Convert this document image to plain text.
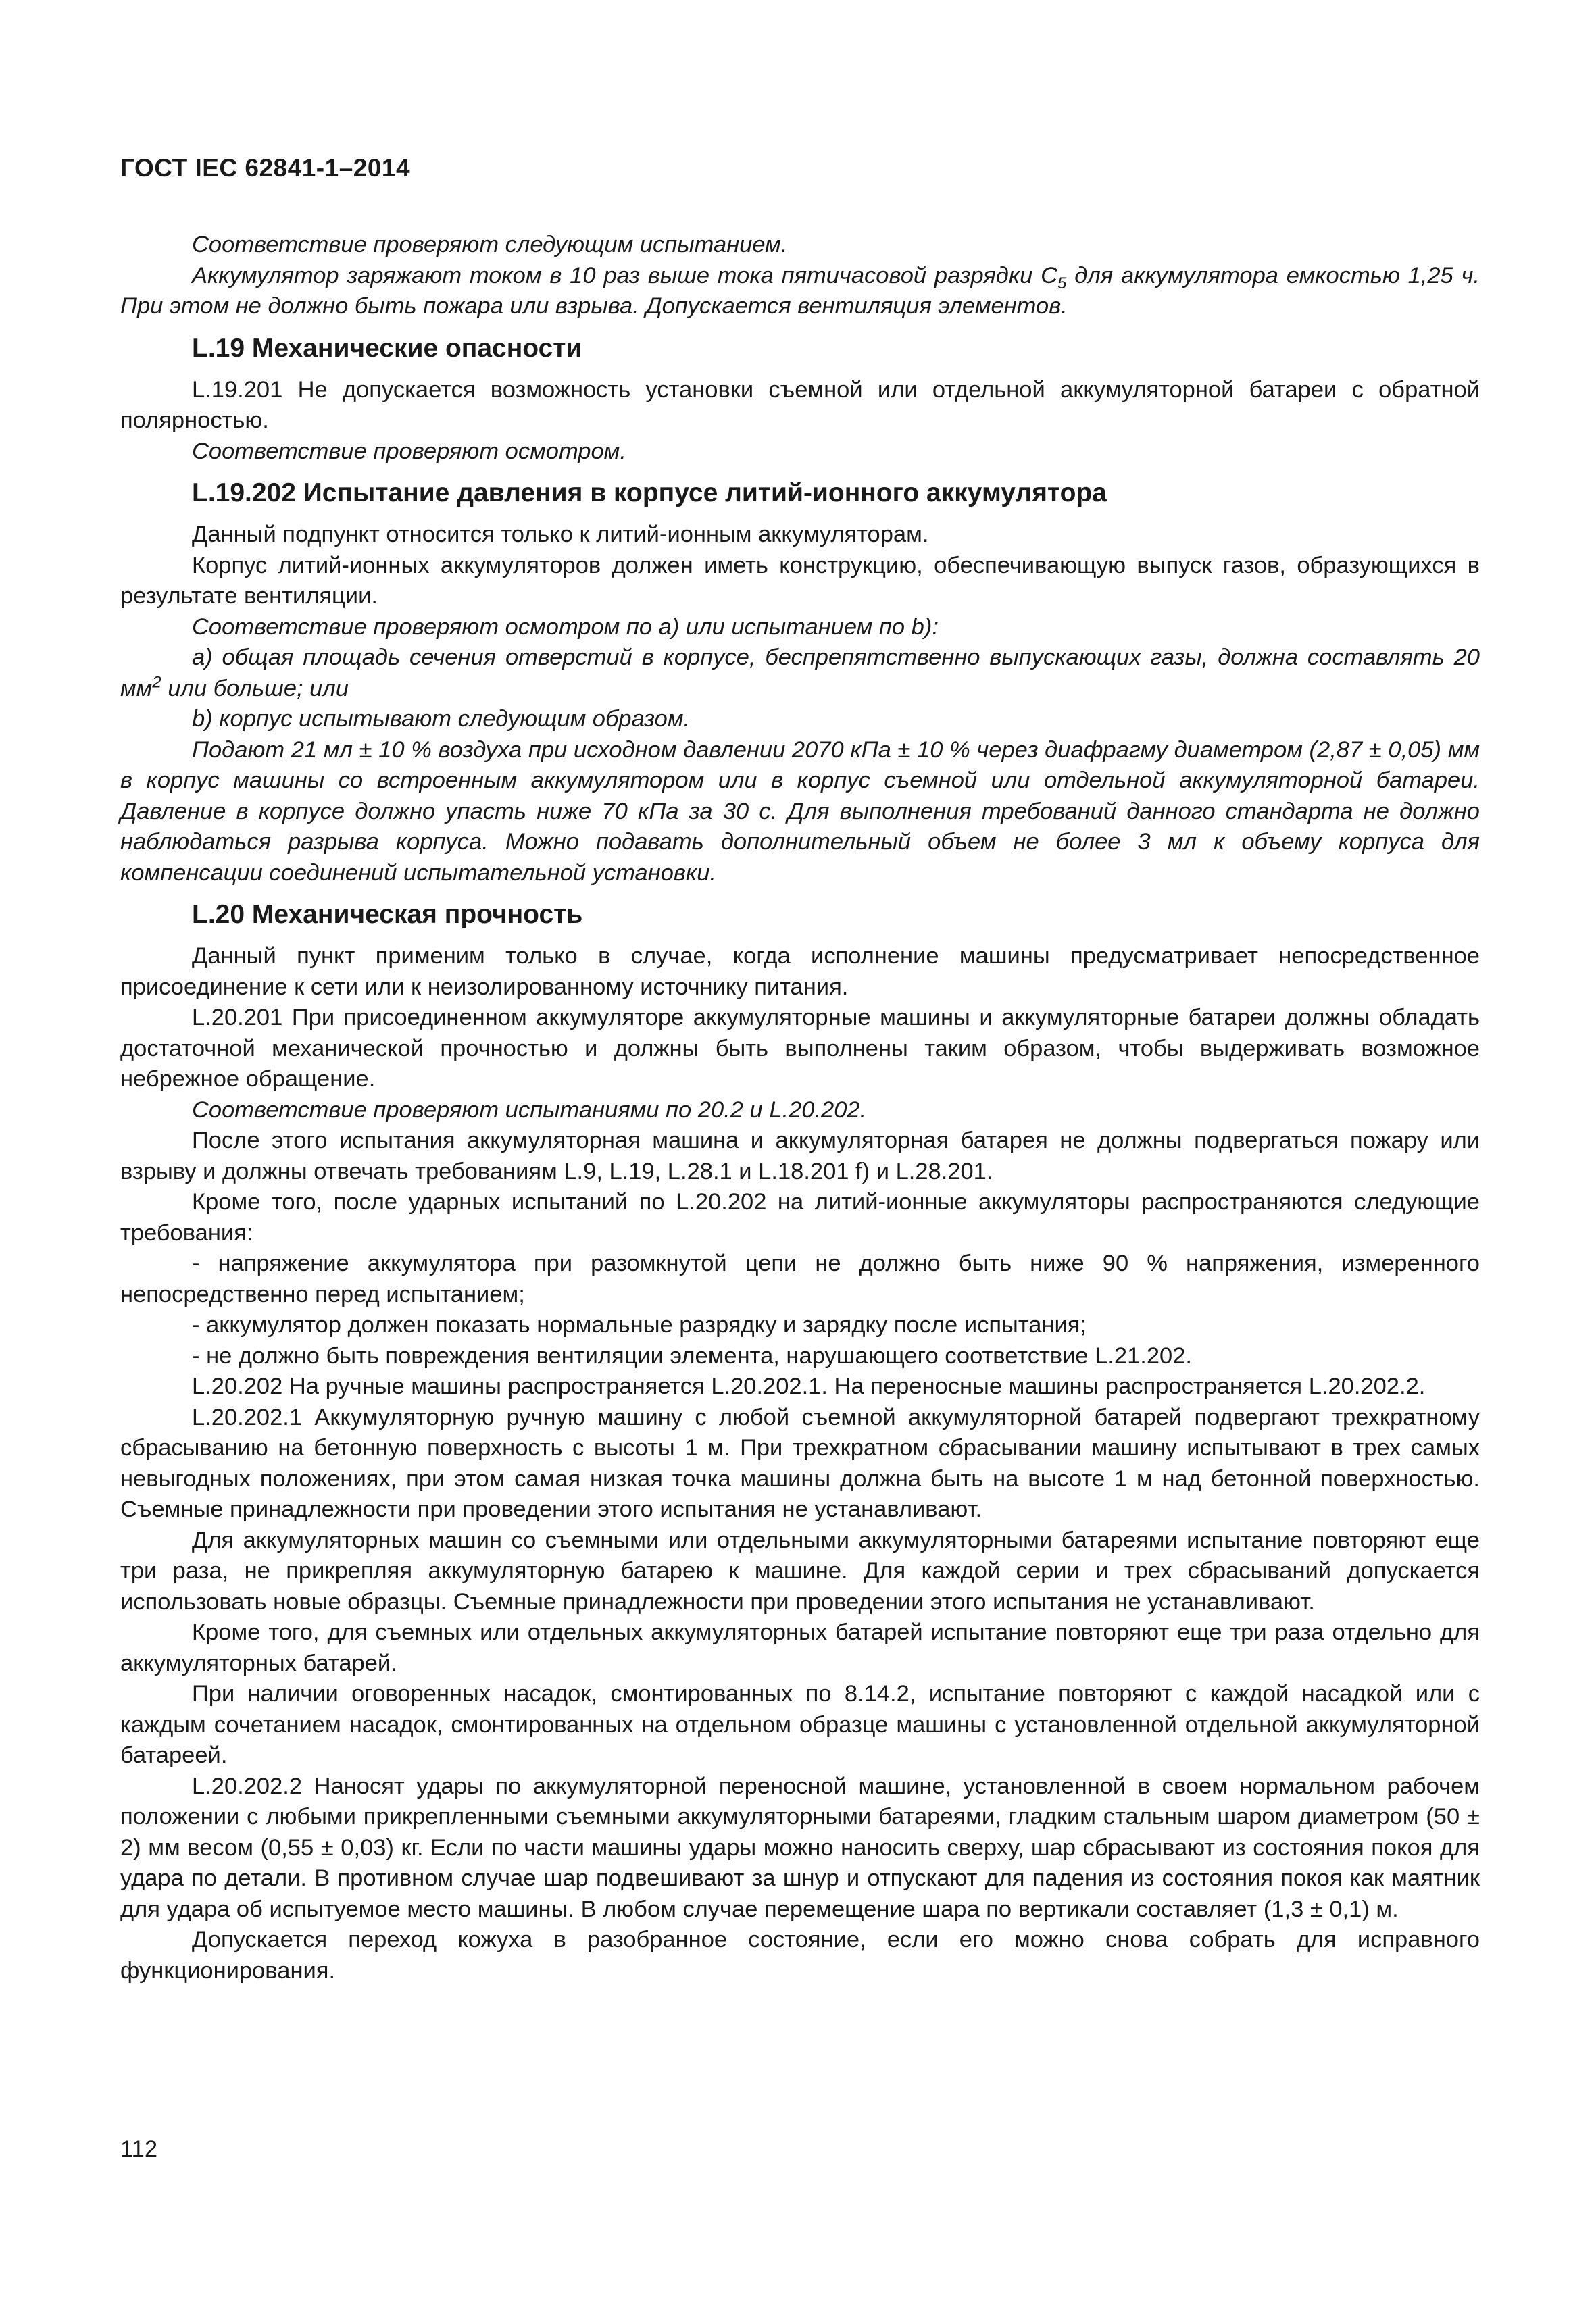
ГОСТ IEC 62841-1–2014

Соответствие проверяют следующим испытанием.

Аккумулятор заряжают током в 10 раз выше тока пятичасовой разрядки $С_5$ для аккумулятора емкостью 1,25 ч. При этом не должно быть пожара или взрыва. Допускается вентиляция элементов.

L.19 Механические опасности

L.19.201 Не допускается возможность установки съемной или отдельной аккумуляторной батареи с обратной полярностью.

Соответствие проверяют осмотром.

L.19.202 Испытание давления в корпусе литий-ионного аккумулятора

Данный подпункт относится только к литий-ионным аккумуляторам.

Корпус литий-ионных аккумуляторов должен иметь конструкцию, обеспечивающую выпуск газов, образующихся в результате вентиляции.

Соответствие проверяют осмотром по а) или испытанием по b):

а) общая площадь сечения отверстий в корпусе, беспрепятственно выпускающих газы, должна составлять 20 $мм^2$ или больше; или

b) корпус испытывают следующим образом.

Подают 21 мл ± 10 % воздуха при исходном давлении 2070 кПа ± 10 % через диафрагму диаметром (2,87 ± 0,05) мм в корпус машины со встроенным аккумулятором или в корпус съемной или отдельной аккумуляторной батареи. Давление в корпусе должно упасть ниже 70 кПа за 30 с. Для выполнения требований данного стандарта не должно наблюдаться разрыва корпуса. Можно подавать дополнительный объем не более 3 мл к объему корпуса для компенсации соединений испытательной установки.

L.20 Механическая прочность

Данный пункт применим только в случае, когда исполнение машины предусматривает непосредственное присоединение к сети или к неизолированному источнику питания.

L.20.201 При присоединенном аккумуляторе аккумуляторные машины и аккумуляторные батареи должны обладать достаточной механической прочностью и должны быть выполнены таким образом, чтобы выдерживать возможное небрежное обращение.

Соответствие проверяют испытаниями по 20.2 и L.20.202.

После этого испытания аккумуляторная машина и аккумуляторная батарея не должны подвергаться пожару или взрыву и должны отвечать требованиям L.9, L.19, L.28.1 и L.18.201 f) и L.28.201.

Кроме того, после ударных испытаний по L.20.202 на литий-ионные аккумуляторы распространяются следующие требования:

- напряжение аккумулятора при разомкнутой цепи не должно быть ниже 90 % напряжения, измеренного непосредственно перед испытанием;

- аккумулятор должен показать нормальные разрядку и зарядку после испытания;

- не должно быть повреждения вентиляции элемента, нарушающего соответствие L.21.202.

L.20.202 На ручные машины распространяется L.20.202.1. На переносные машины распространяется L.20.202.2.

L.20.202.1 Аккумуляторную ручную машину с любой съемной аккумуляторной батарей подвергают трехкратному сбрасыванию на бетонную поверхность с высоты 1 м. При трехкратном сбрасывании машину испытывают в трех самых невыгодных положениях, при этом самая низкая точка машины должна быть на высоте 1 м над бетонной поверхностью. Съемные принадлежности при проведении этого испытания не устанавливают.

Для аккумуляторных машин со съемными или отдельными аккумуляторными батареями испытание повторяют еще три раза, не прикрепляя аккумуляторную батарею к машине. Для каждой серии и трех сбрасываний допускается использовать новые образцы. Съемные принадлежности при проведении этого испытания не устанавливают.

Кроме того, для съемных или отдельных аккумуляторных батарей испытание повторяют еще три раза отдельно для аккумуляторных батарей.

При наличии оговоренных насадок, смонтированных по 8.14.2, испытание повторяют с каждой насадкой или с каждым сочетанием насадок, смонтированных на отдельном образце машины с установленной отдельной аккумуляторной батареей.

L.20.202.2 Наносят удары по аккумуляторной переносной машине, установленной в своем нормальном рабочем положении с любыми прикрепленными съемными аккумуляторными батареями, гладким стальным шаром диаметром (50 ± 2) мм весом (0,55 ± 0,03) кг. Если по части машины удары можно наносить сверху, шар сбрасывают из состояния покоя для удара по детали. В противном случае шар подвешивают за шнур и отпускают для падения из состояния покоя как маятник для удара об испытуемое место машины. В любом случае перемещение шара по вертикали составляет (1,3 ± 0,1) м.

Допускается переход кожуха в разобранное состояние, если его можно снова собрать для исправного функционирования.

112
